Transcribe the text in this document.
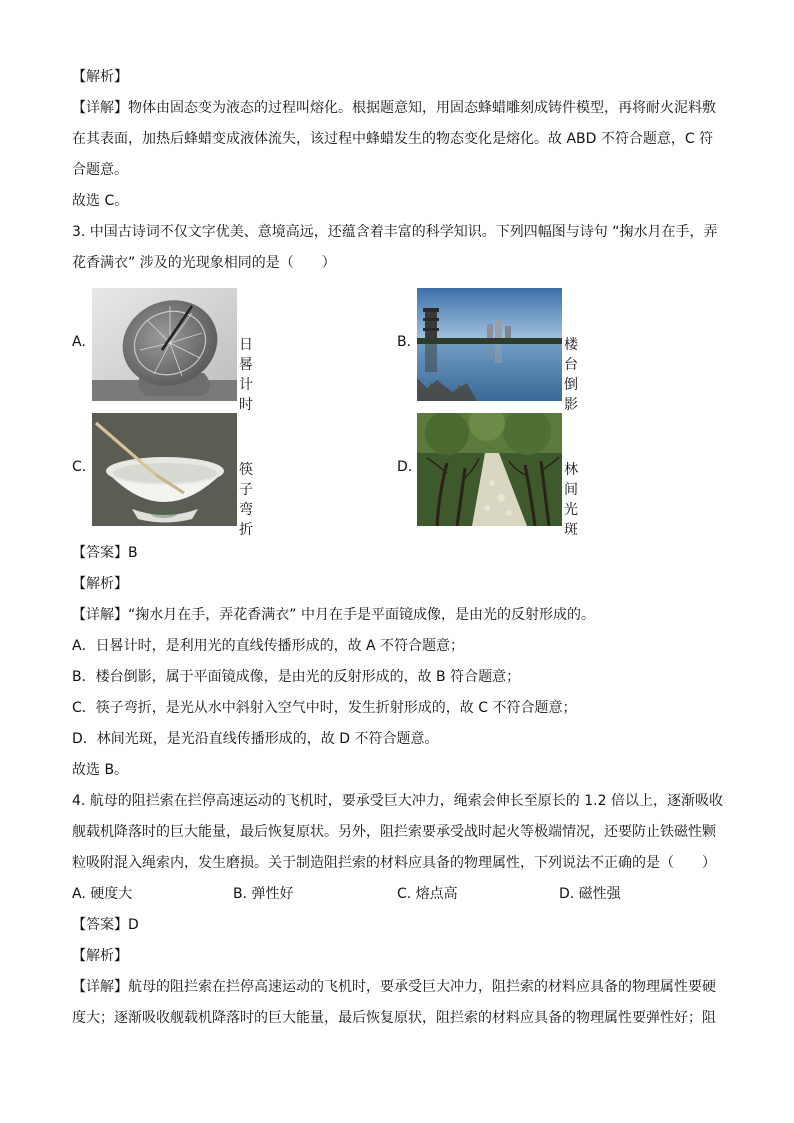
【解析】
【详解】物体由固态变为液态的过程叫熔化。根据题意知，用固态蜂蜡雕刻成铸件模型，再将耐火泥料敷
在其表面，加热后蜂蜡变成液体流失，该过程中蜂蜡发生的物态变化是熔化。故 ABD 不符合题意，C 符
合题意。
故选 C。
3. 中国古诗词不仅文字优美、意境高远，还蕴含着丰富的科学知识。下列四幅图与诗句 “掬水月在手，弄
花香满衣” 涉及的光现象相同的是（　　）
A.	日晷计时
B.	楼台倒影
C.	筷子弯折
D.	林间光斑
【答案】B
【解析】
【详解】“掬水月在手，弄花香满衣” 中月在手是平面镜成像，是由光的反射形成的。
A．日晷计时，是利用光的直线传播形成的，故 A 不符合题意；
B．楼台倒影，属于平面镜成像，是由光的反射形成的，故 B 符合题意；
C．筷子弯折，是光从水中斜射入空气中时，发生折射形成的，故 C 不符合题意；
D．林间光斑，是光沿直线传播形成的，故 D 不符合题意。
故选 B。
4. 航母的阻拦索在拦停高速运动的飞机时，要承受巨大冲力，绳索会伸长至原长的 1.2 倍以上，逐渐吸收
舰载机降落时的巨大能量，最后恢复原状。另外，阻拦索要承受战时起火等极端情况，还要防止铁磁性颗
粒吸附混入绳索内，发生磨损。关于制造阻拦索的材料应具备的物理属性，下列说法不正确的是（　　）
A. 硬度大	B. 弹性好	C. 熔点高	D. 磁性强
【答案】D
【解析】
【详解】航母的阻拦索在拦停高速运动的飞机时，要承受巨大冲力，阻拦索的材料应具备的物理属性要硬
度大；逐渐吸收舰载机降落时的巨大能量，最后恢复原状，阻拦索的材料应具备的物理属性要弹性好；阻
